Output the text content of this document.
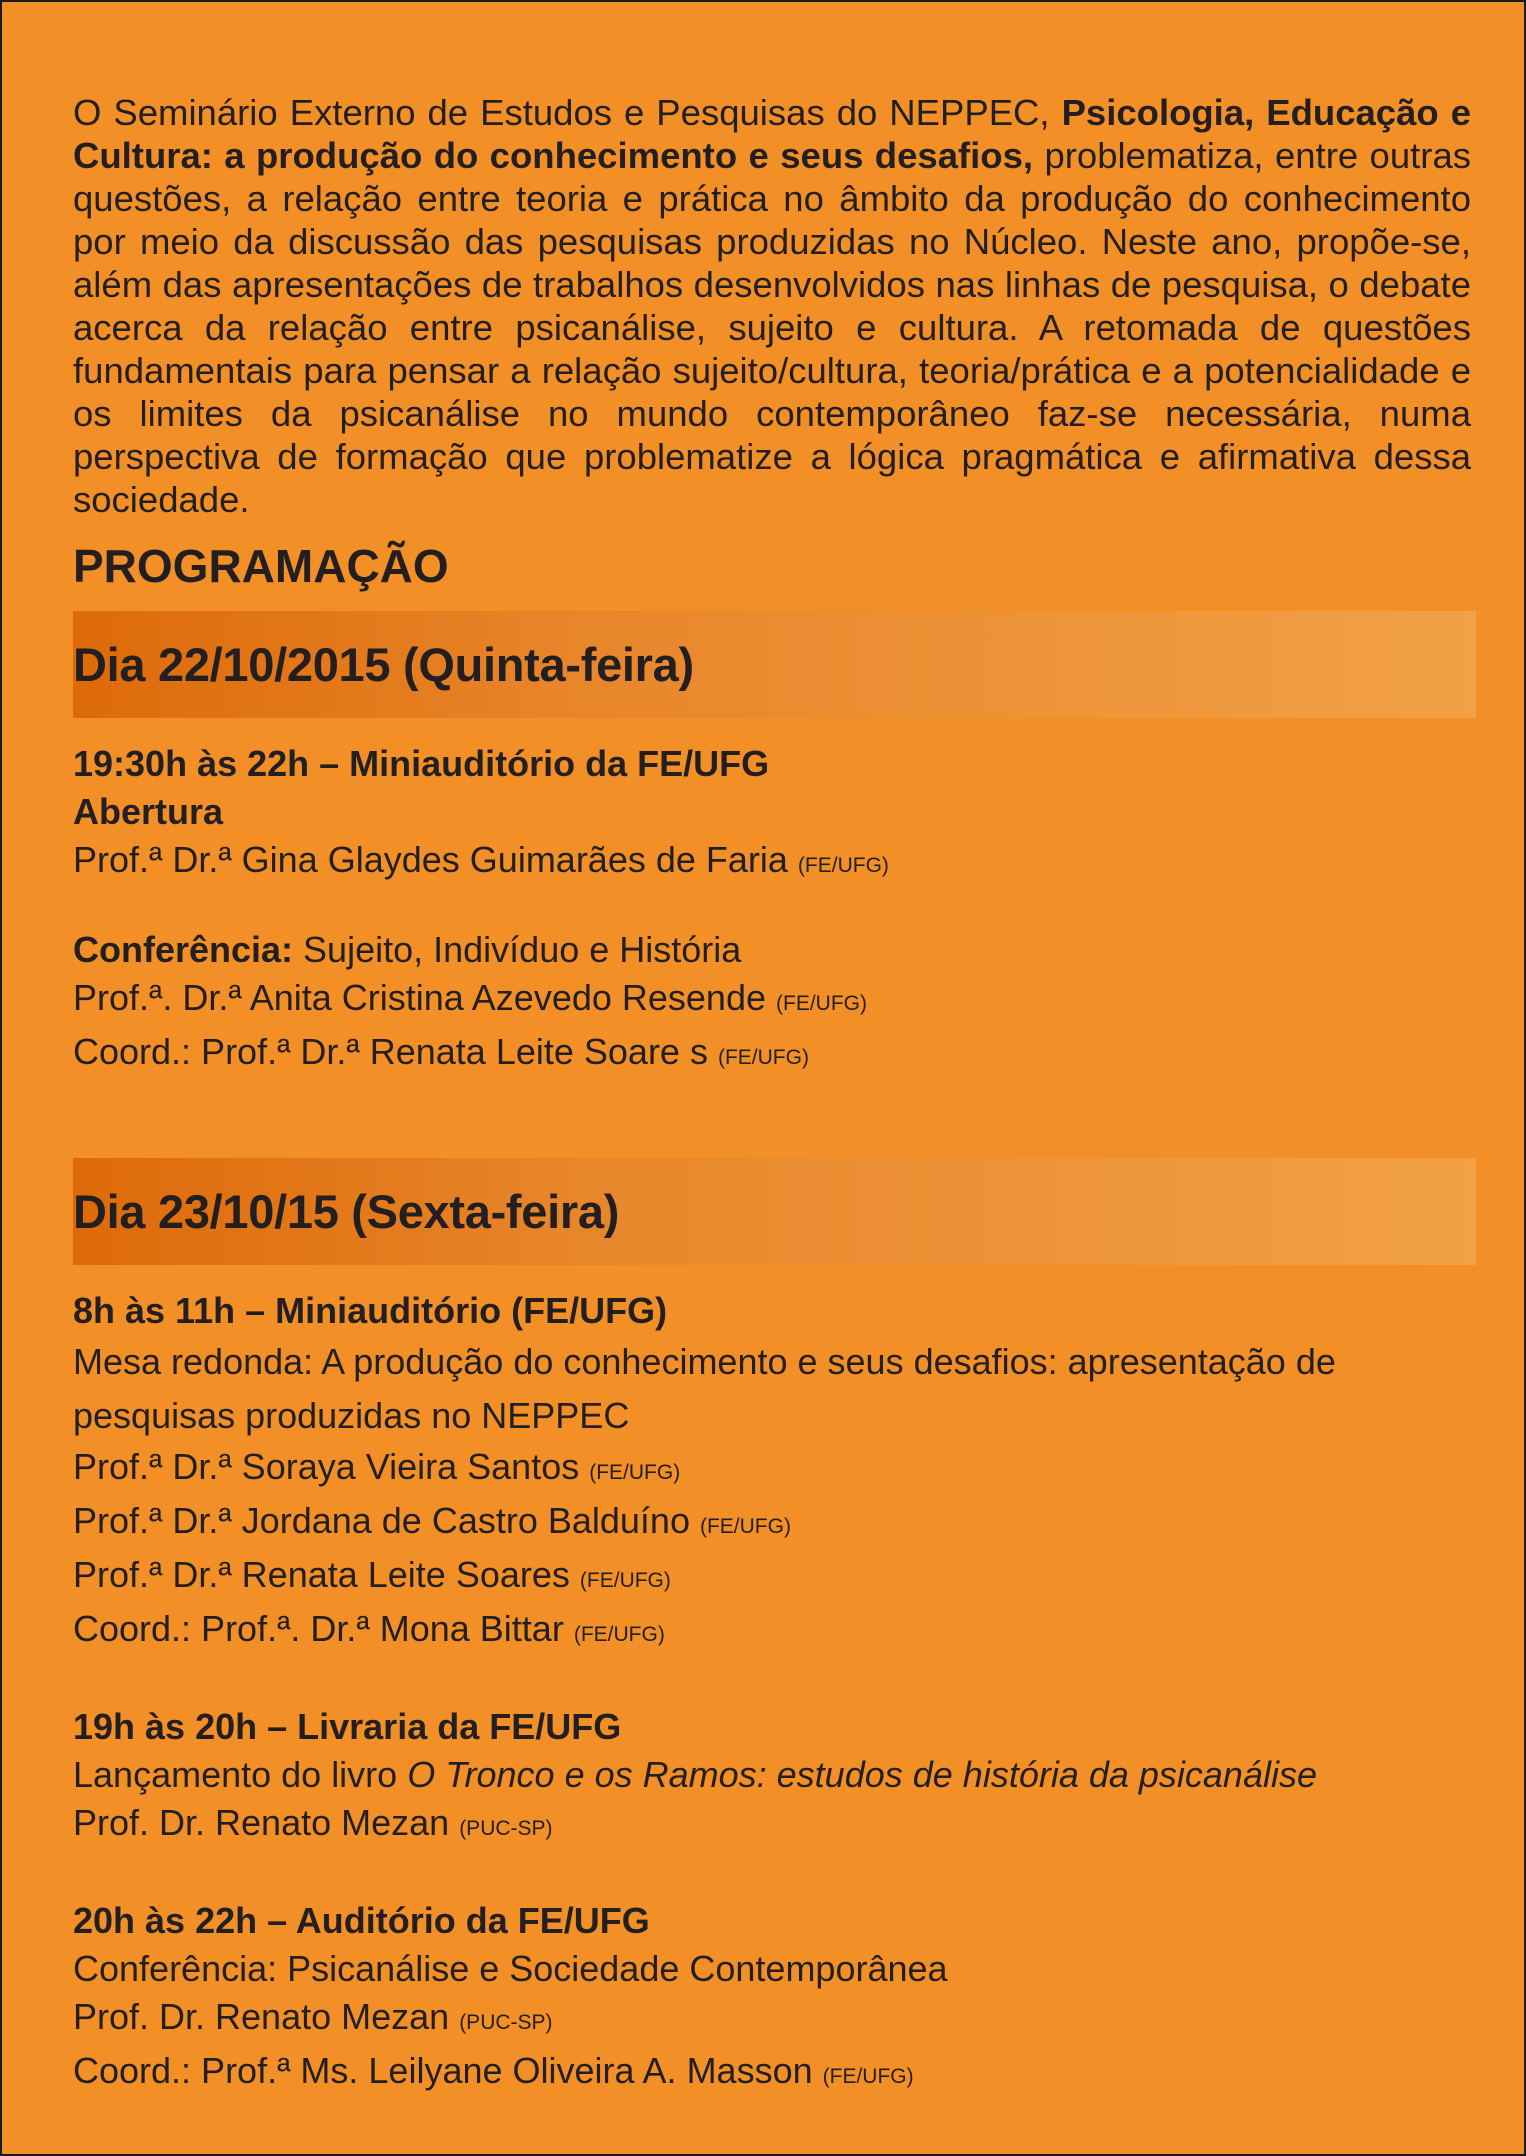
O Seminário Externo de Estudos e Pesquisas do NEPPEC, Psicologia, Educação e Cultura: a produção do conhecimento e seus desafios, problematiza, entre outras questões, a relação entre teoria e prática no âmbito da produção do conhecimento por meio da discussão das pesquisas produzidas no Núcleo. Neste ano, propõe-se, além das apresentações de trabalhos desenvolvidos nas linhas de pesquisa, o debate acerca da relação entre psicanálise, sujeito e cultura. A retomada de questões fundamentais para pensar a relação sujeito/cultura, teoria/prática e a potencialidade e os limites da psicanálise no mundo contemporâneo faz-se necessária, numa perspectiva de formação que problematize a lógica pragmática e afirmativa dessa sociedade.

PROGRAMAÇÃO
Dia 22/10/2015 (Quinta-feira)
19:30h às 22h – Miniauditório da FE/UFG
Abertura
Prof.ª Dr.ª Gina Glaydes Guimarães de Faria (FE/UFG)
Conferência: Sujeito, Indivíduo e História
Prof.ª. Dr.ª Anita Cristina Azevedo Resende (FE/UFG)
Coord.: Prof.ª Dr.ª Renata Leite Soare s (FE/UFG)
Dia 23/10/15 (Sexta-feira)
8h às 11h – Miniauditório (FE/UFG)
Mesa redonda: A produção do conhecimento e seus desafios: apresentação de pesquisas produzidas no NEPPEC
Prof.ª Dr.ª Soraya Vieira Santos (FE/UFG)
Prof.ª Dr.ª Jordana de Castro Balduíno (FE/UFG)
Prof.ª Dr.ª Renata Leite Soares (FE/UFG)
Coord.: Prof.ª. Dr.ª Mona Bittar (FE/UFG)
19h às 20h – Livraria da FE/UFG
Lançamento do livro O Tronco e os Ramos: estudos de história da psicanálise
Prof. Dr. Renato Mezan (PUC-SP)
20h às 22h – Auditório da FE/UFG
Conferência: Psicanálise e Sociedade Contemporânea
Prof. Dr. Renato Mezan (PUC-SP)
Coord.: Prof.ª Ms. Leilyane Oliveira A. Masson (FE/UFG)
